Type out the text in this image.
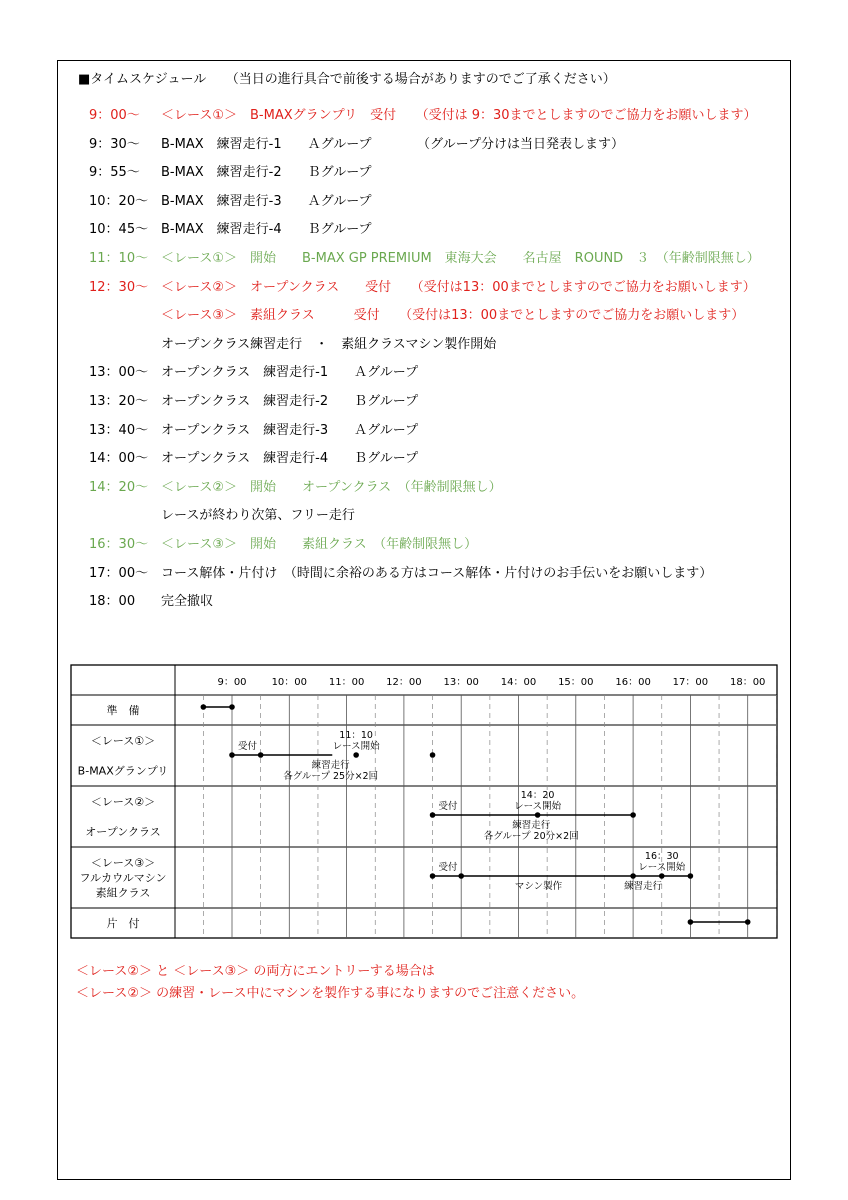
■タイムスケジュール　　（当日の進行具合で前後する場合がありますのでご了承ください）
9：00～	＜レース①＞　B-MAXグランプリ　受付　　（受付は 9：30までとしますのでご協力をお願いします）
9：30～	B-MAX　練習走行-1　　Ａグループ　　　　（グループ分けは当日発表します）
9：55～	B-MAX　練習走行-2　　Ｂグループ
10：20～ B-MAX　練習走行-3　　Ａグループ
10：45～ B-MAX　練習走行-4　　Ｂグループ
11：10～ ＜レース①＞　開始　　B-MAX GP PREMIUM　東海大会　　名古屋　ROUND　３　（年齢制限無し）
12：30～ ＜レース②＞　オープンクラス　　受付　　（受付は13：00までとしますのでご協力をお願いします）
＜レース③＞　素組クラス　　　受付　　（受付は13：00までとしますのでご協力をお願いします）
オープンクラス練習走行　・　素組クラスマシン製作開始
13：00～ オープンクラス　練習走行-1　　Ａグループ
13：20～ オープンクラス　練習走行-2　　Ｂグループ
13：40～ オープンクラス　練習走行-3　　Ａグループ
14：00～ オープンクラス　練習走行-4　　Ｂグループ
14：20～ ＜レース②＞　開始　　オープンクラス　（年齢制限無し）
レースが終わり次第、フリー走行
16：30～ ＜レース③＞　開始　　素組クラス　（年齢制限無し）
17：00～ コース解体・片付け　（時間に余裕のある方はコース解体・片付けのお手伝いをお願いします）
18：00	完全撤収
9：00	10：00 11：00 12：00 13：00 14：00 15：00 16：00 17：00 18：00
準　備
＜レース①＞
B-MAXグランプリ
＜レース②＞
オープンクラス
＜レース③＞
フルカウルマシン
素組クラス
片　付
受付
11：10
レース開始
練習走行
各グループ 25分×2回
受付
14：20
レース開始
練習走行
各グループ 20分×2回
受付
16：30
レース開始
マシン製作	練習走行
＜レース②＞ と ＜レース③＞ の両方にエントリーする場合は
＜レース②＞ の練習・レース中にマシンを製作する事になりますのでご注意ください。
